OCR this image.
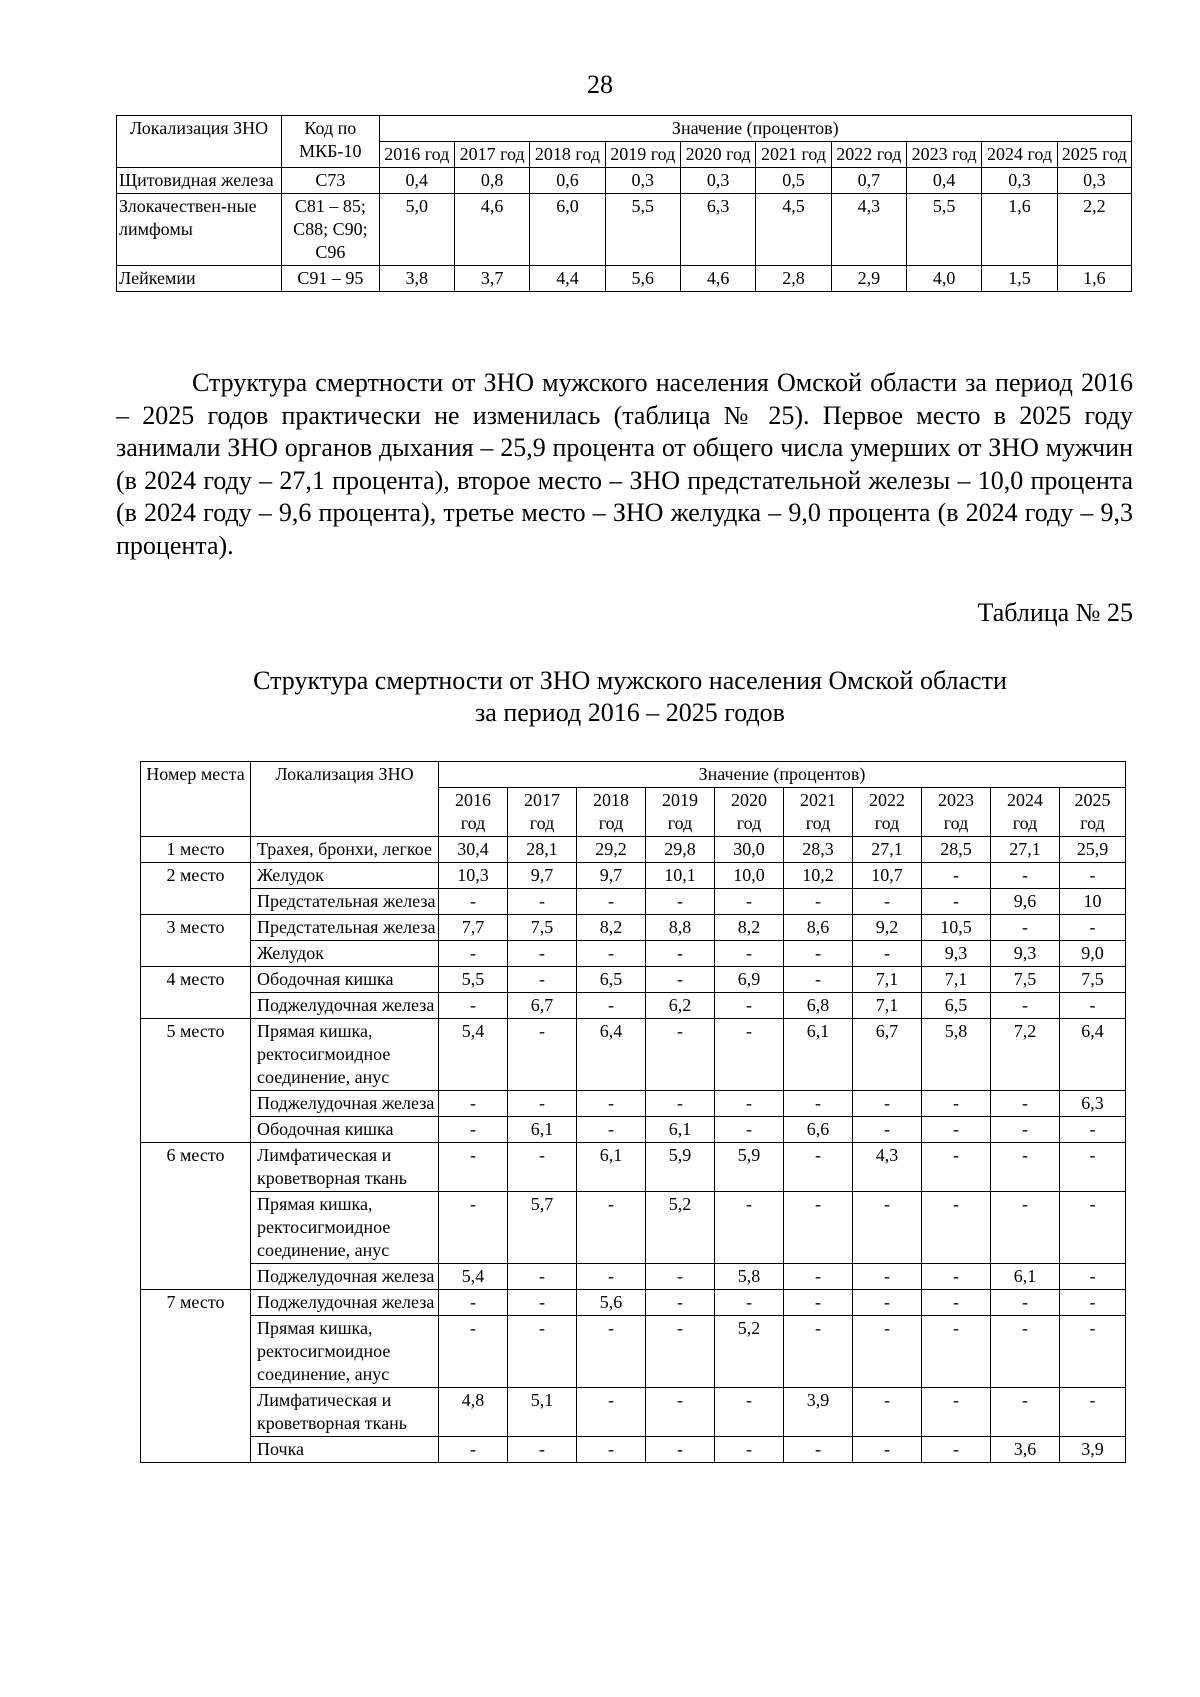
28
Локализация ЗНО	Код по МКБ-10	Значение (процентов)									
		2016 год	2017 год	2018 год	2019 год	2020 год	2021 год	2022 год	2023 год	2024 год	2025 год
Щитовидная железа	С73	0,4	0,8	0,6	0,3	0,3	0,5	0,7	0,4	0,3	0,3
Злокачествен-ные лимфомы	С81 – 85; С88; С90; С96	5,0	4,6	6,0	5,5	6,3	4,5	4,3	5,5	1,6	2,2
Лейкемии	С91 – 95	3,8	3,7	4,4	5,6	4,6	2,8	2,9	4,0	1,5	1,6

Структура смертности от ЗНО мужского населения Омской области за период 2016 – 2025 годов практически не изменилась (таблица № 25). Первое место в 2025 году занимали ЗНО органов дыхания – 25,9 процента от общего числа умерших от ЗНО мужчин (в 2024 году – 27,1 процента), второе место – ЗНО предстательной железы – 10,0 процента (в 2024 году – 9,6 процента), третье место – ЗНО желудка – 9,0 процента (в 2024 году – 9,3 процента).

Таблица № 25
Структура смертности от ЗНО мужского населения Омской области
за период 2016 – 2025 годов
Номер места	Локализация ЗНО	Значение (процентов)									
		2016 год	2017 год	2018 год	2019 год	2020 год	2021 год	2022 год	2023 год	2024 год	2025 год
1 место	Трахея, бронхи, легкое	30,4	28,1	29,2	29,8	30,0	28,3	27,1	28,5	27,1	25,9
2 место	Желудок	10,3	9,7	9,7	10,1	10,0	10,2	10,7	-	-	-
	Предстательная железа	-	-	-	-	-	-	-	-	9,6	10
3 место	Предстательная железа	7,7	7,5	8,2	8,8	8,2	8,6	9,2	10,5	-	-
	Желудок	-	-	-	-	-	-	-	9,3	9,3	9,0
4 место	Ободочная кишка	5,5	-	6,5	-	6,9	-	7,1	7,1	7,5	7,5
	Поджелудочная железа	-	6,7	-	6,2	-	6,8	7,1	6,5	-	-
5 место	Прямая кишка, ректосигмоидное соединение, анус	5,4	-	6,4	-	-	6,1	6,7	5,8	7,2	6,4
	Поджелудочная железа	-	-	-	-	-	-	-	-	-	6,3
	Ободочная кишка	-	6,1	-	6,1	-	6,6	-	-	-	-
6 место	Лимфатическая и кроветворная ткань	-	-	6,1	5,9	5,9	-	4,3	-	-	-
	Прямая кишка, ректосигмоидное соединение, анус	-	5,7	-	5,2	-	-	-	-	-	-
	Поджелудочная железа	5,4	-	-	-	5,8	-	-	-	6,1	-
7 место	Поджелудочная железа	-	-	5,6	-	-	-	-	-	-	-
	Прямая кишка, ректосигмоидное соединение, анус	-	-	-	-	5,2	-	-	-	-	-
	Лимфатическая и кроветворная ткань	4,8	5,1	-	-	-	3,9	-	-	-	-
	Почка	-	-	-	-	-	-	-	-	3,6	3,9
